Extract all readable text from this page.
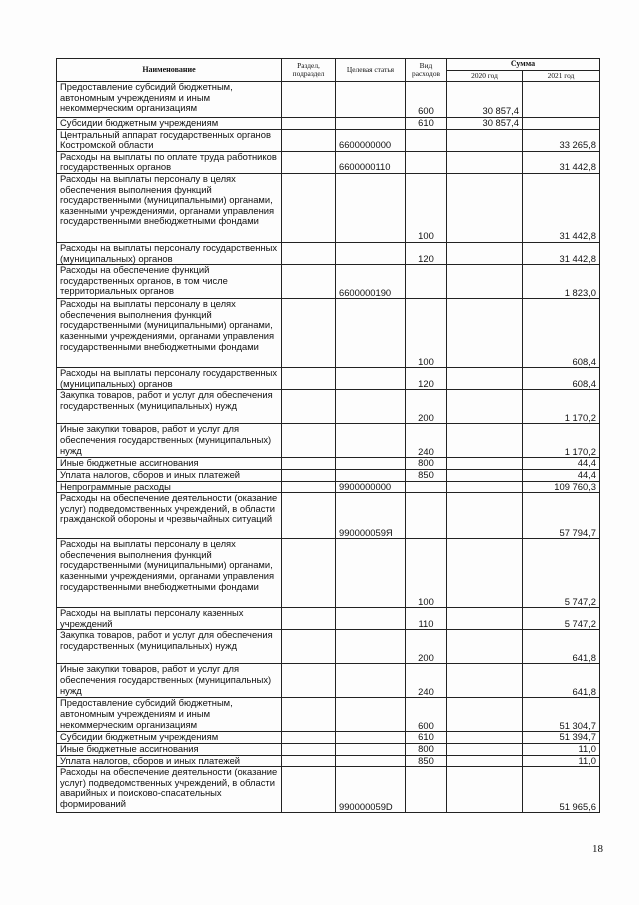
Наименование	Раздел, подраздел	Целевая статья	Вид расходов	Сумма	
				2020 год	2021 год
Предоставление субсидий бюджетным, автономным учреждениям и иным некоммерческим организациям			600	30 857,4	
Субсидии бюджетным учреждениям			610	30 857,4	
Центральный аппарат государственных органов Костромской области		6600000000			33 265,8
Расходы на выплаты по оплате труда работников государственных органов		6600000110			31 442,8
Расходы на выплаты персоналу в целях обеспечения выполнения функций государственными (муниципальными) органами, казенными учреждениями, органами управления государственными внебюджетными фондами			100		31 442,8
Расходы на выплаты персоналу государственных (муниципальных) органов			120		31 442,8
Расходы на обеспечение функций государственных органов, в том числе территориальных органов		6600000190			1 823,0
Расходы на выплаты персоналу в целях обеспечения выполнения функций государственными (муниципальными) органами, казенными учреждениями, органами управления государственными внебюджетными фондами			100		608,4
Расходы на выплаты персоналу государственных (муниципальных) органов			120		608,4
Закупка товаров, работ и услуг для обеспечения государственных (муниципальных) нужд			200		1 170,2
Иные закупки товаров, работ и услуг для обеспечения государственных (муниципальных) нужд			240		1 170,2
Иные бюджетные ассигнования			800		44,4
Уплата налогов, сборов и иных платежей			850		44,4
Непрограммные расходы		9900000000			109 760,3
Расходы на обеспечение деятельности (оказание услуг) подведомственных учреждений, в области гражданской обороны и чрезвычайных ситуаций		990000059Я			57 794,7
Расходы на выплаты персоналу в целях обеспечения выполнения функций государственными (муниципальными) органами, казенными учреждениями, органами управления государственными внебюджетными фондами			100		5 747,2
Расходы на выплаты персоналу казенных учреждений			110		5 747,2
Закупка товаров, работ и услуг для обеспечения государственных (муниципальных) нужд			200		641,8
Иные закупки товаров, работ и услуг для обеспечения государственных (муниципальных) нужд			240		641,8
Предоставление субсидий бюджетным, автономным учреждениям и иным некоммерческим организациям			600		51 304,7
Субсидии бюджетным учреждениям			610		51 394,7
Иные бюджетные ассигнования			800		11,0
Уплата налогов, сборов и иных платежей			850		11,0
Расходы на обеспечение деятельности (оказание услуг) подведомственных учреждений, в области аварийных и поисково-спасательных формирований		990000059D			51 965,6
18
